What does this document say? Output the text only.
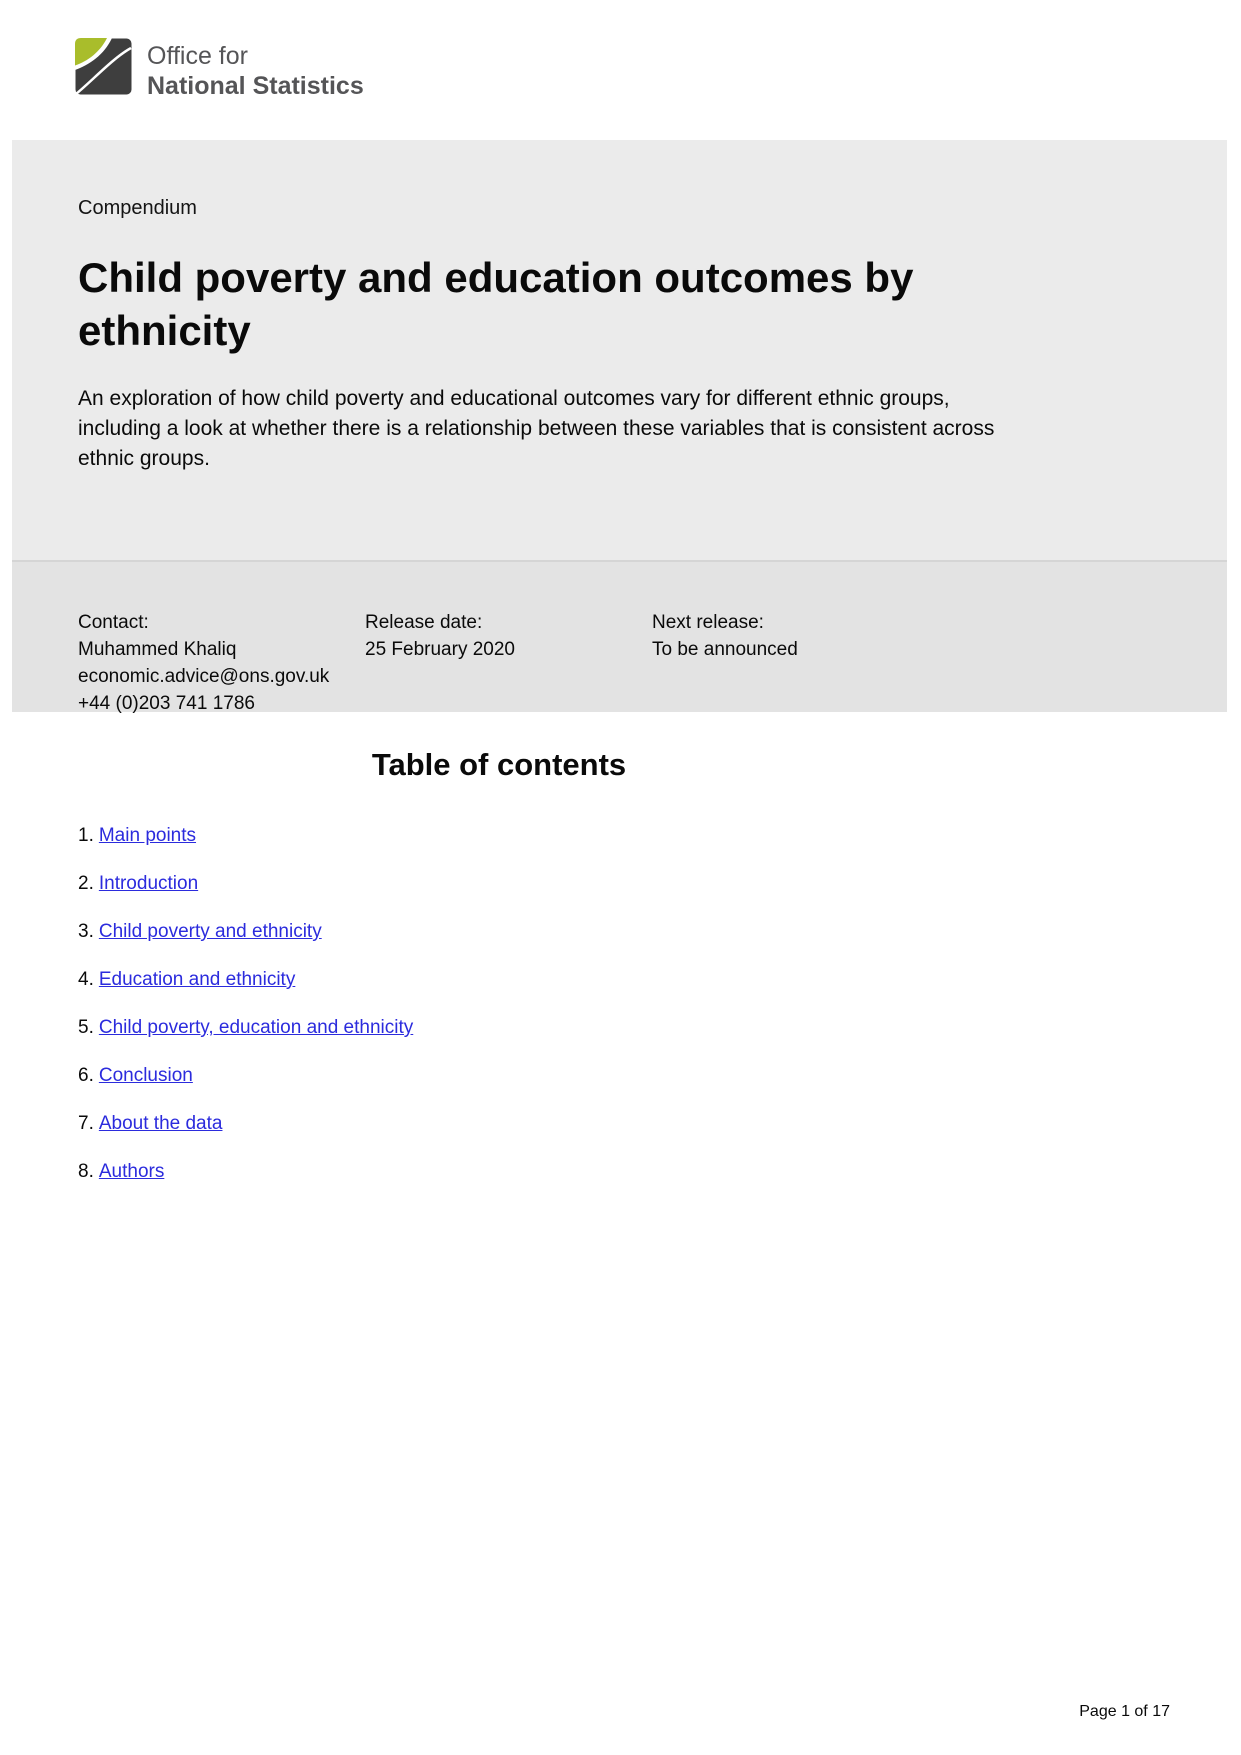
Office for
National Statistics
Compendium
Child poverty and education outcomes by ethnicity

An exploration of how child poverty and educational outcomes vary for different ethnic groups, including a look at whether there is a relationship between these variables that is consistent across ethnic groups.

Contact:
Muhammed Khaliq
economic.advice@ons.gov.uk
+44 (0)203 741 1786
Release date:
25 February 2020
Next release:
To be announced
Table of contents
1. Main points
2. Introduction
3. Child poverty and ethnicity
4. Education and ethnicity
5. Child poverty, education and ethnicity
6. Conclusion
7. About the data
8. Authors
Page 1 of 17
